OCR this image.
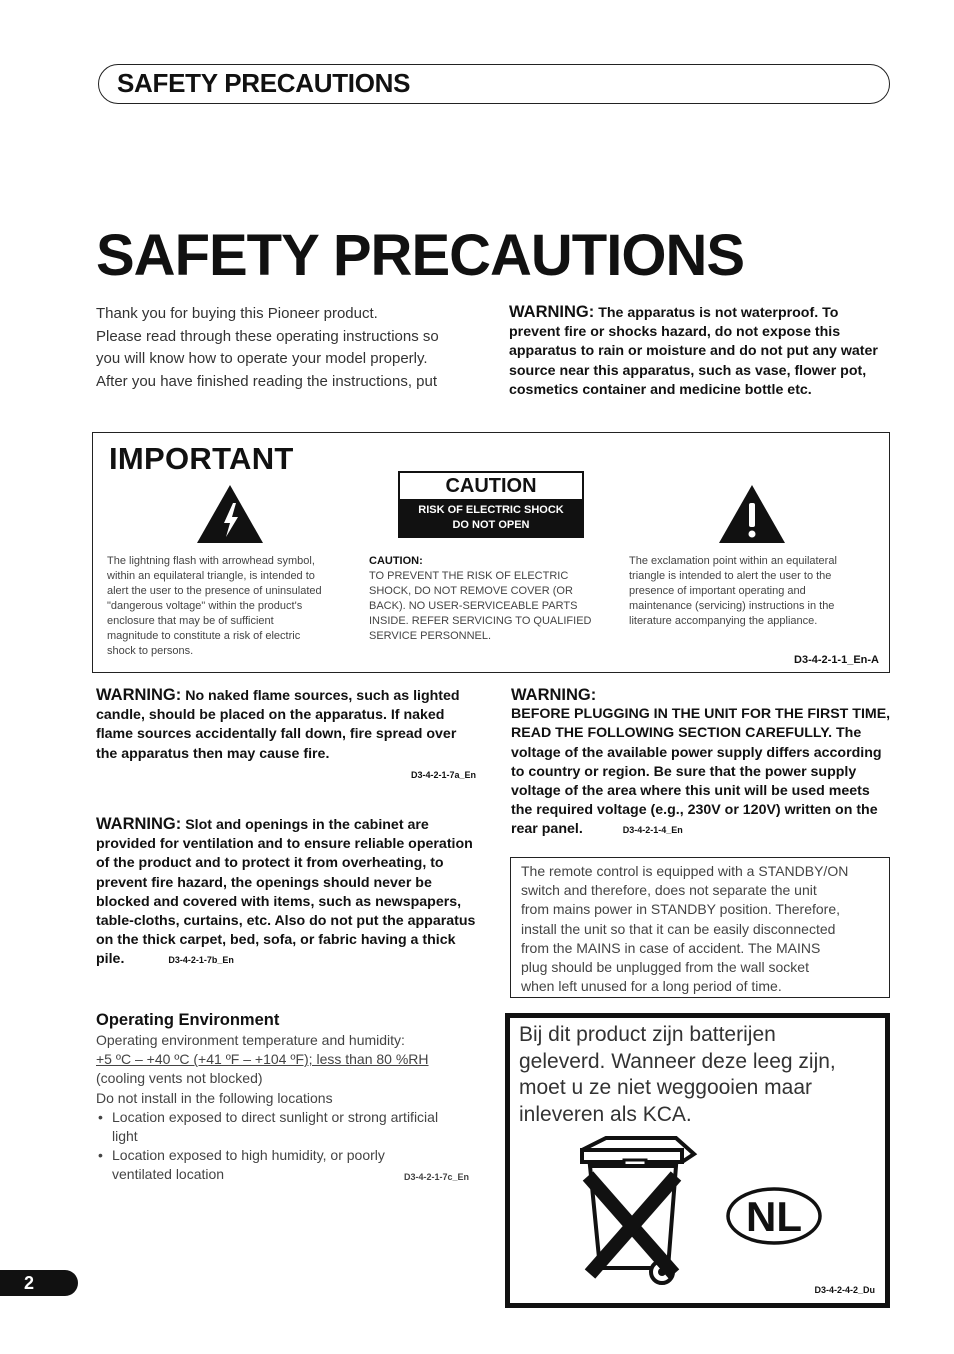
SAFETY PRECAUTIONS
SAFETY PRECAUTIONS
Thank you for buying this Pioneer product.
Please read through these operating instructions so
you will know how to operate your model properly.
After you have finished reading the instructions, put
WARNING: The apparatus is not waterproof. To prevent fire or shocks hazard, do not expose this apparatus to rain or moisture and do not put any water source near this apparatus, such as vase, flower pot, cosmetics container and medicine bottle etc.
IMPORTANT
CAUTION
RISK OF ELECTRIC SHOCK
DO NOT OPEN
The lightning flash with arrowhead symbol,
within an equilateral triangle, is intended to
alert the user to the presence of uninsulated
"dangerous voltage" within the product's
enclosure that may be of sufficient
magnitude to constitute a risk of electric
shock to persons.
CAUTION:
TO PREVENT THE RISK OF ELECTRIC
SHOCK, DO NOT REMOVE COVER (OR
BACK). NO USER-SERVICEABLE PARTS
INSIDE. REFER SERVICING TO QUALIFIED
SERVICE PERSONNEL.
The exclamation point within an equilateral
triangle is intended to alert the user to the
presence of important operating and
maintenance (servicing) instructions in the
literature accompanying the appliance.
D3-4-2-1-1_En-A
WARNING: No naked flame sources, such as lighted candle, should be placed on the apparatus. If naked flame sources accidentally fall down, fire spread over the apparatus then may cause fire.
D3-4-2-1-7a_En
WARNING: Slot and openings in the cabinet are provided for ventilation and to ensure reliable operation of the product and to protect it from overheating, to prevent fire hazard, the openings should never be blocked and covered with items, such as newspapers, table-cloths, curtains, etc. Also do not put the apparatus on the thick carpet, bed, sofa, or fabric having a thick pile.	D3-4-2-1-7b_En
WARNING:
BEFORE PLUGGING IN THE UNIT FOR THE FIRST TIME, READ THE FOLLOWING SECTION CAREFULLY. The voltage of the available power supply differs according to country or region. Be sure that the power supply voltage of the area where this unit will be used meets the required voltage (e.g., 230V or 120V) written on the rear panel.	D3-4-2-1-4_En
The remote control is equipped with a STANDBY/ON
switch and therefore, does not separate the unit
from mains power in STANDBY position. Therefore,
install the unit so that it can be easily disconnected
from the MAINS in case of accident. The MAINS
plug should be unplugged from the wall socket
when left unused for a long period of time.
Operating Environment
Operating environment temperature and humidity:
+5 ºC – +40 ºC (+41 ºF – +104 ºF); less than 80 %RH
(cooling vents not blocked)
Do not install in the following locations
• Location exposed to direct sunlight or strong artificial
light
• Location exposed to high humidity, or poorly
ventilated location	D3-4-2-1-7c_En
Bij dit product zijn batterijen
geleverd. Wanneer deze leeg zijn,
moet u ze niet weggooien maar
inleveren als KCA.
NL
D3-4-2-4-2_Du
2
